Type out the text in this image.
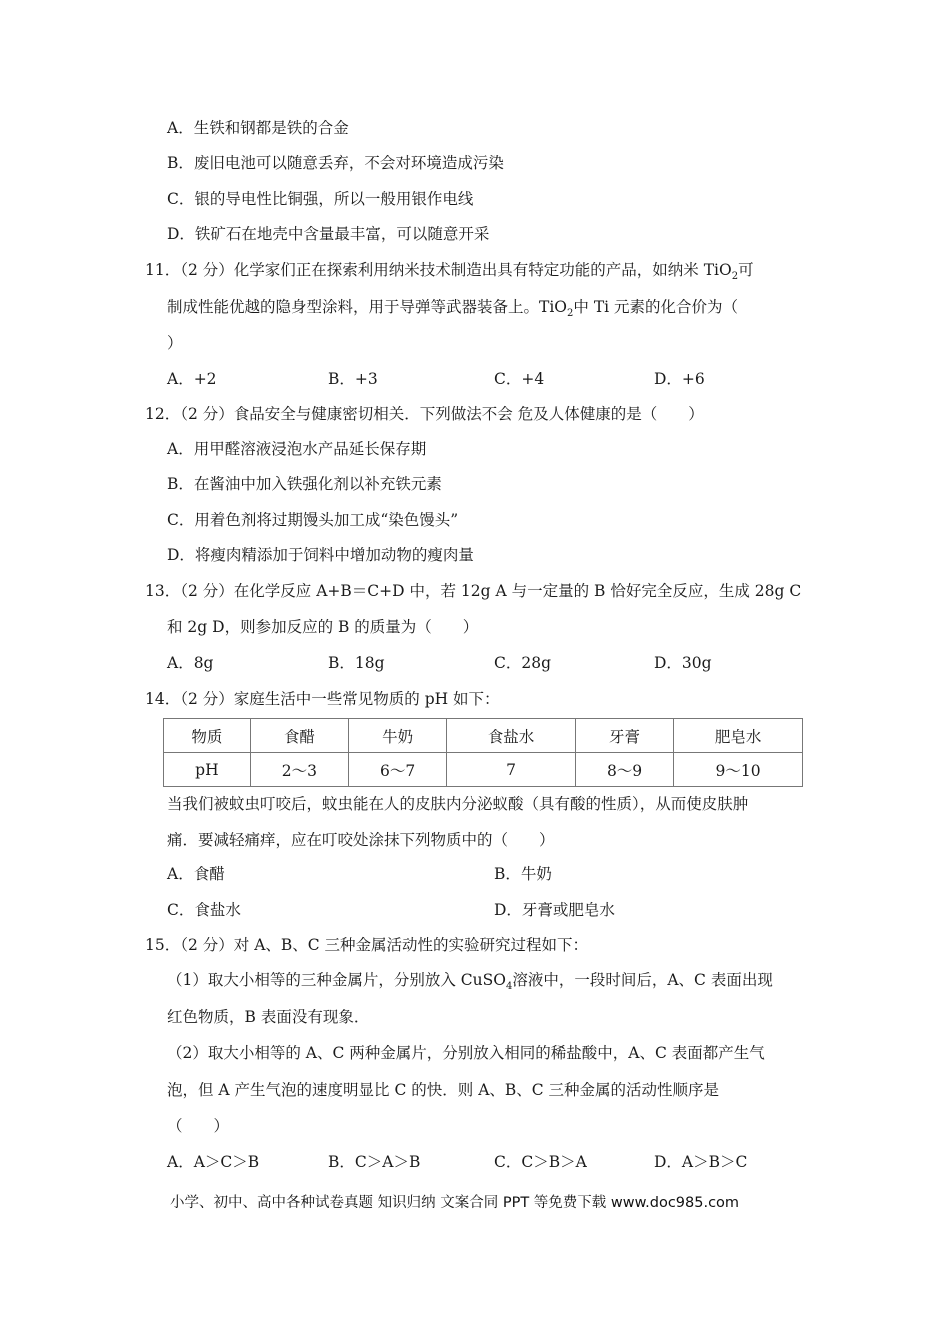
A．生铁和钢都是铁的合金
B．废旧电池可以随意丢弃，不会对环境造成污染
C．银的导电性比铜强，所以一般用银作电线
D．铁矿石在地壳中含量最丰富，可以随意开采
11．（2 分）化学家们正在探索利用纳米技术制造出具有特定功能的产品，如纳米 TiO$_2$可
制成性能优越的隐身型涂料，用于导弹等武器装备上。TiO$_2$中 Ti 元素的化合价为（
）
A．+2	B．+3	C．+4	D．+6
12．（2 分）食品安全与健康密切相关．下列做法不会 危及人体健康的是（　　）
A．用甲醛溶液浸泡水产品延长保存期
B．在酱油中加入铁强化剂以补充铁元素
C．用着色剂将过期馒头加工成“染色馒头”
D．将瘦肉精添加于饲料中增加动物的瘦肉量
13．（2 分）在化学反应 A+B＝C+D 中，若 12g A 与一定量的 B 恰好完全反应，生成 28g C
和 2g D，则参加反应的 B 的质量为（　　）
A．8g	B．18g	C．28g	D．30g
14．（2 分）家庭生活中一些常见物质的 pH 如下：
物质	食醋	牛奶	食盐水	牙膏	肥皂水
pH	2～3	6～7	7	8～9	9～10
当我们被蚊虫叮咬后，蚊虫能在人的皮肤内分泌蚁酸（具有酸的性质），从而使皮肤肿
痛．要减轻痛痒，应在叮咬处涂抹下列物质中的（　　）
A．食醋	B．牛奶
C．食盐水	D．牙膏或肥皂水
15．（2 分）对 A、B、C 三种金属活动性的实验研究过程如下：
（1）取大小相等的三种金属片，分别放入 CuSO$_4$溶液中，一段时间后，A、C 表面出现
红色物质，B 表面没有现象．
（2）取大小相等的 A、C 两种金属片，分别放入相同的稀盐酸中，A、C 表面都产生气
泡，但 A 产生气泡的速度明显比 C 的快．则 A、B、C 三种金属的活动性顺序是
（　　）
A．A＞C＞B	B．C＞A＞B	C．C＞B＞A	D．A＞B＞C
小学、初中、高中各种试卷真题 知识归纳 文案合同 PPT 等免费下载 www.doc985.com
